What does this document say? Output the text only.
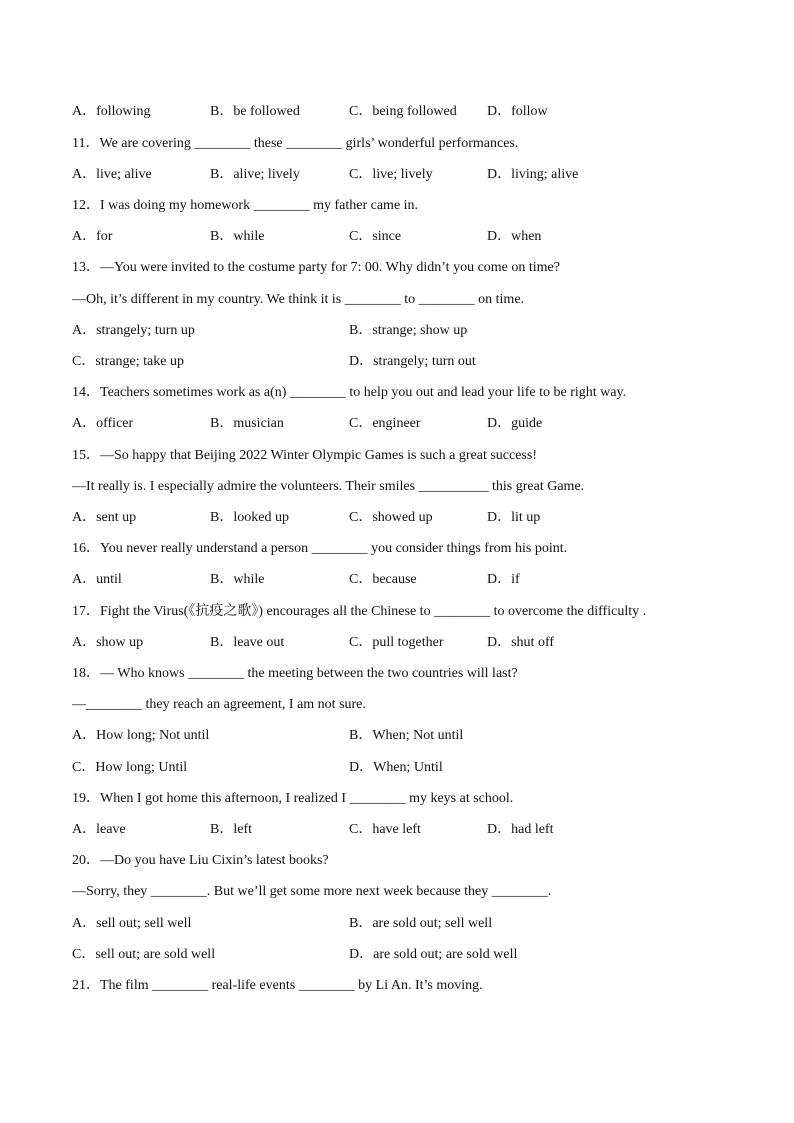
A．following	B．be followed	C．being followed D．follow
11．We are covering ________ these ________ girls’ wonderful performances.
A．live; alive	B．alive; lively	C．live; lively	D．living; alive
12．I was doing my homework ________ my father came in.
A．for	B．while	C．since	D．when
13．—You were invited to the costume party for 7: 00. Why didn’t you come on time?
—Oh, it’s different in my country. We think it is ________ to ________ on time.
A．strangely; turn up	B．strange; show up
C．strange; take up	D．strangely; turn out
14．Teachers sometimes work as a(n) ________ to help you out and lead your life to be right way.
A．officer	B．musician	C．engineer	D．guide
15．—So happy that Beijing 2022 Winter Olympic Games is such a great success!
—It really is. I especially admire the volunteers. Their smiles __________ this great Game.
A．sent up	B．looked up	C．showed up	D．lit up
16．You never really understand a person ________ you consider things from his point.
A．until	B．while	C．because	D．if
17．Fight the Virus(《抗疫之歌》) encourages all the Chinese to ________ to overcome the difficulty .
A．show up	B．leave out	C．pull together	D．shut off
18．— Who knows ________ the meeting between the two countries will last?
—________ they reach an agreement, I am not sure.
A．How long; Not until	B．When; Not until
C．How long; Until	D．When; Until
19．When I got home this afternoon, I realized I ________ my keys at school.
A．leave	B．left	C．have left	D．had left
20．—Do you have Liu Cixin’s latest books?
—Sorry, they ________. But we’ll get some more next week because they ________.
A．sell out; sell well	B．are sold out; sell well
C．sell out; are sold well	D．are sold out; are sold well
21．The film ________ real-life events ________ by Li An. It’s moving.
